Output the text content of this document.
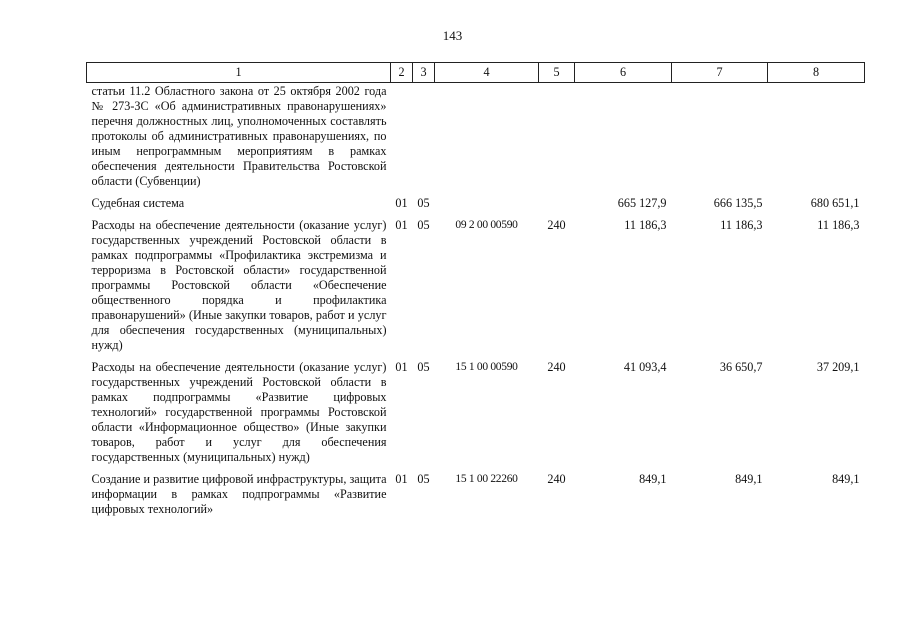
143
1	2	3	4	5	6	7	8
статьи 11.2 Областного закона от 25 октября 2002 года № 273-ЗС «Об административных правонарушениях» перечня должностных лиц, уполномоченных составлять протоколы об административных правонарушениях, по иным непрограммным мероприятиям в рамках обеспечения деятельности Правительства Ростовской области (Субвенции)							
Судебная система	01	05			665 127,9	666 135,5	680 651,1
Расходы на обеспечение деятельности (оказание услуг) государственных учреждений Ростовской области в рамках подпрограммы «Профилактика экстремизма и терроризма в Ростовской области» государственной программы Ростовской области «Обеспечение общественного порядка и профилактика правонарушений» (Иные закупки товаров, работ и услуг для обеспечения государственных (муниципальных) нужд)	01	05	09 2 00 00590	240	11 186,3	11 186,3	11 186,3
Расходы на обеспечение деятельности (оказание услуг) государственных учреждений Ростовской области в рамках подпрограммы «Развитие цифровых технологий» государственной программы Ростовской области «Информационное общество» (Иные закупки товаров, работ и услуг для обеспечения государственных (муниципальных) нужд)	01	05	15 1 00 00590	240	41 093,4	36 650,7	37 209,1
Создание и развитие цифровой инфраструктуры, защита информации в рамках подпрограммы «Развитие цифровых технологий»	01	05	15 1 00 22260	240	849,1	849,1	849,1
